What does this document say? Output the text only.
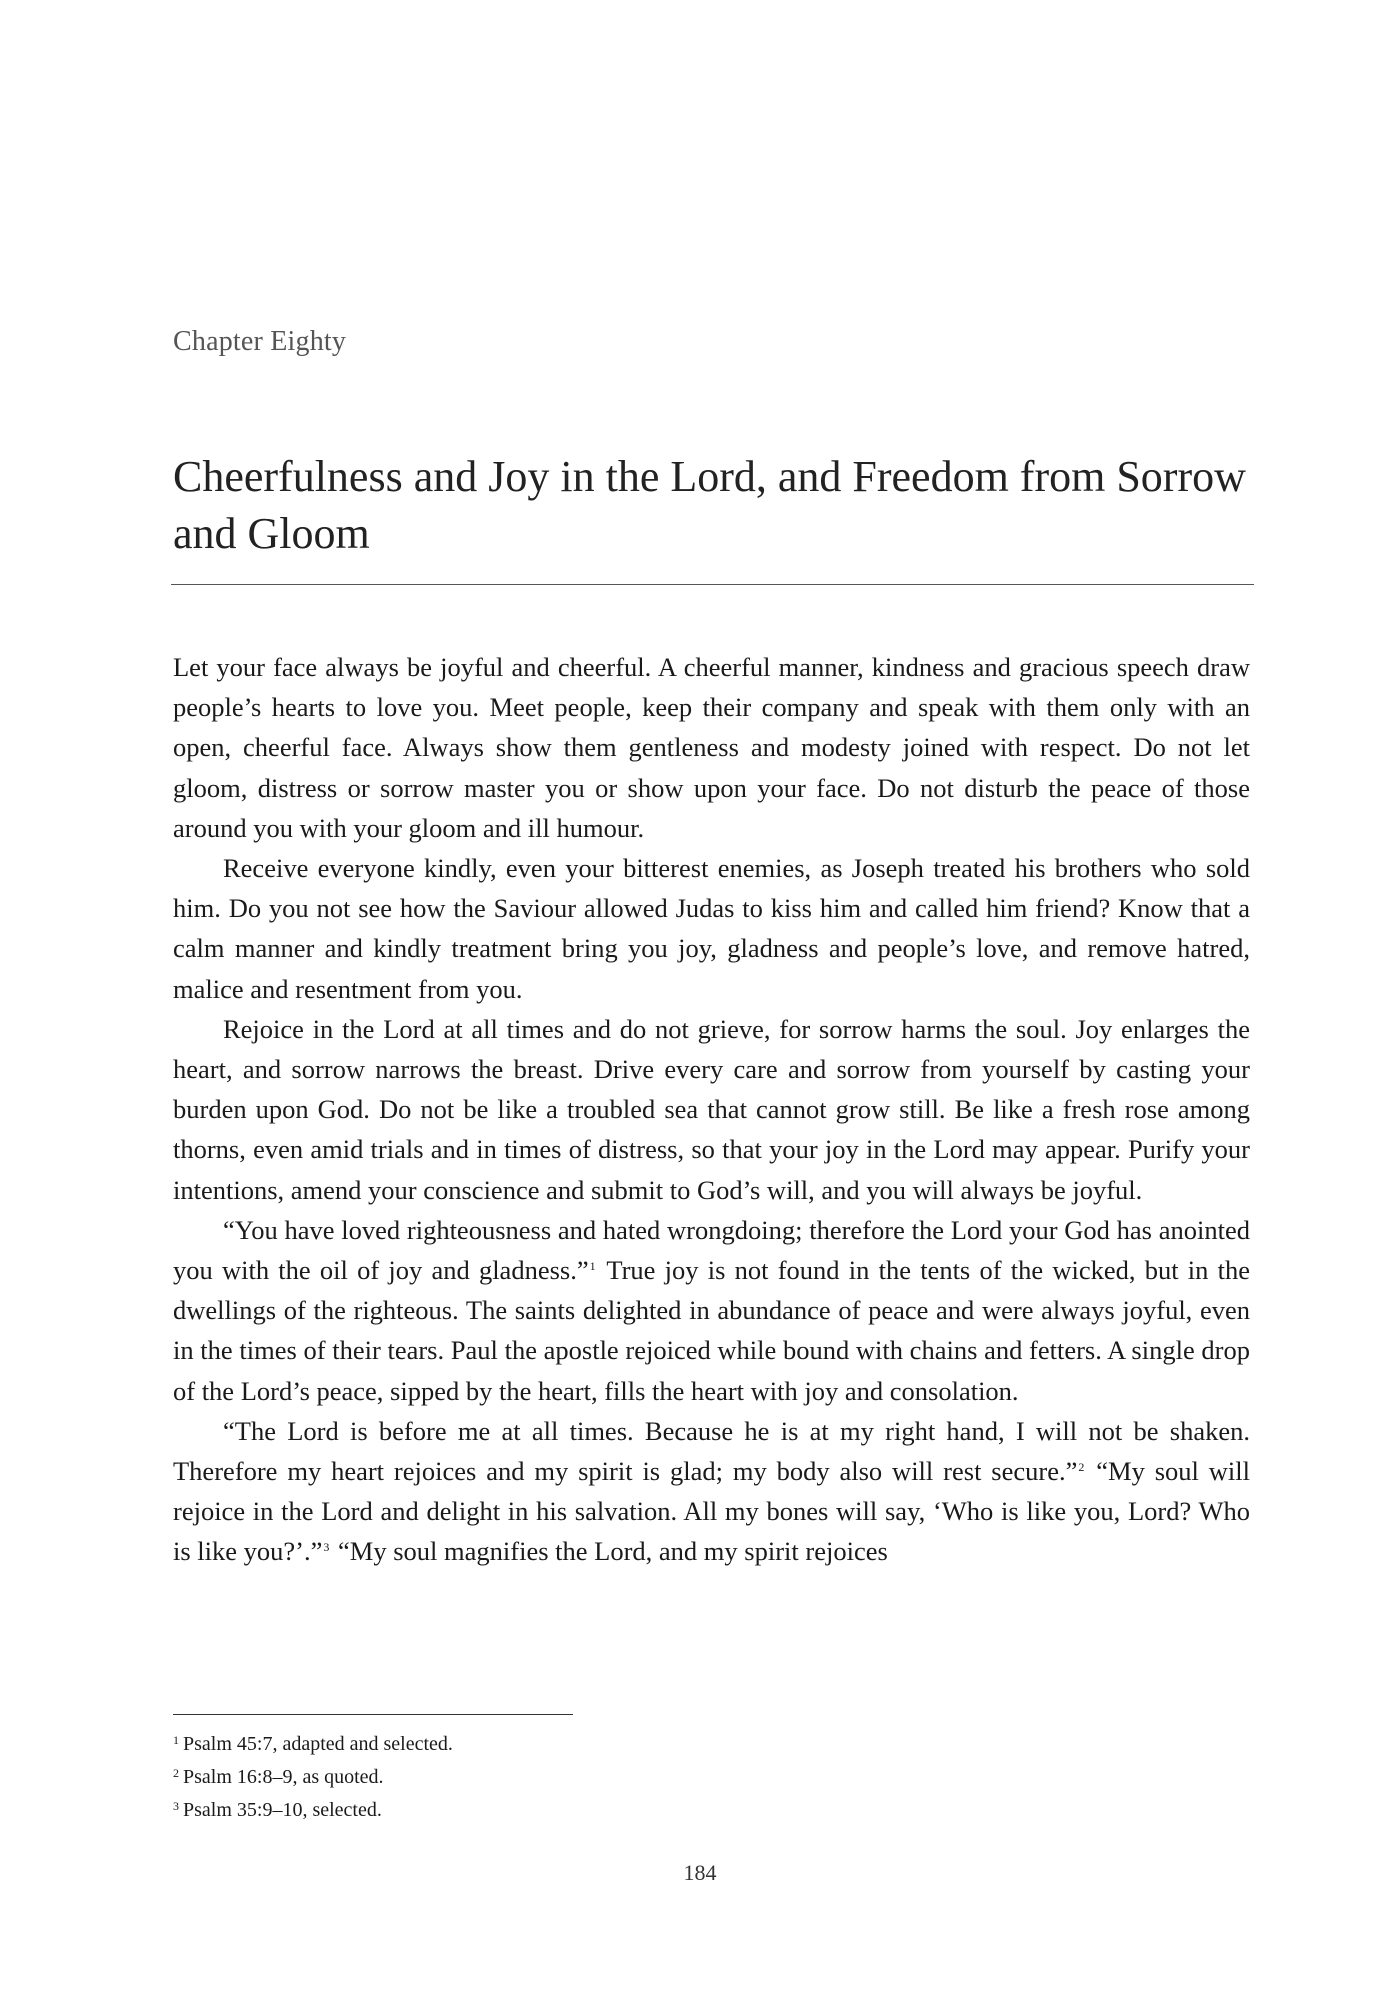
Chapter Eighty
Cheerfulness and Joy in the Lord, and Freedom from Sorrow and Gloom

Let your face always be joyful and cheerful. A cheerful manner, kindness and gracious speech draw people’s hearts to love you. Meet people, keep their company and speak with them only with an open, cheerful face. Always show them gentleness and modesty joined with respect. Do not let gloom, distress or sorrow master you or show upon your face. Do not disturb the peace of those around you with your gloom and ill humour.

Receive everyone kindly, even your bitterest enemies, as Joseph treated his brothers who sold him. Do you not see how the Saviour allowed Judas to kiss him and called him friend? Know that a calm manner and kindly treatment bring you joy, gladness and people’s love, and remove hatred, malice and resentment from you.

Rejoice in the Lord at all times and do not grieve, for sorrow harms the soul. Joy enlarges the heart, and sorrow narrows the breast. Drive every care and sorrow from yourself by casting your burden upon God. Do not be like a troubled sea that cannot grow still. Be like a fresh rose among thorns, even amid trials and in times of distress, so that your joy in the Lord may appear. Purify your intentions, amend your conscience and submit to God’s will, and you will always be joyful.

“You have loved righteousness and hated wrongdoing; therefore the Lord your God has anointed you with the oil of joy and gladness.”$^1$ True joy is not found in the tents of the wicked, but in the dwellings of the righteous. The saints delighted in abundance of peace and were always joyful, even in the times of their tears. Paul the apostle rejoiced while bound with chains and fetters. A single drop of the Lord’s peace, sipped by the heart, fills the heart with joy and consolation.

“The Lord is before me at all times. Because he is at my right hand, I will not be shaken. Therefore my heart rejoices and my spirit is glad; my body also will rest secure.”$^2$ “My soul will rejoice in the Lord and delight in his salvation. All my bones will say, ‘Who is like you, Lord? Who is like you?’.”$^3$ “My soul magnifies the Lord, and my spirit rejoices

$^1$ Psalm 45:7, adapted and selected.

$^2$ Psalm 16:8–9, as quoted.

$^3$ Psalm 35:9–10, selected.

184
